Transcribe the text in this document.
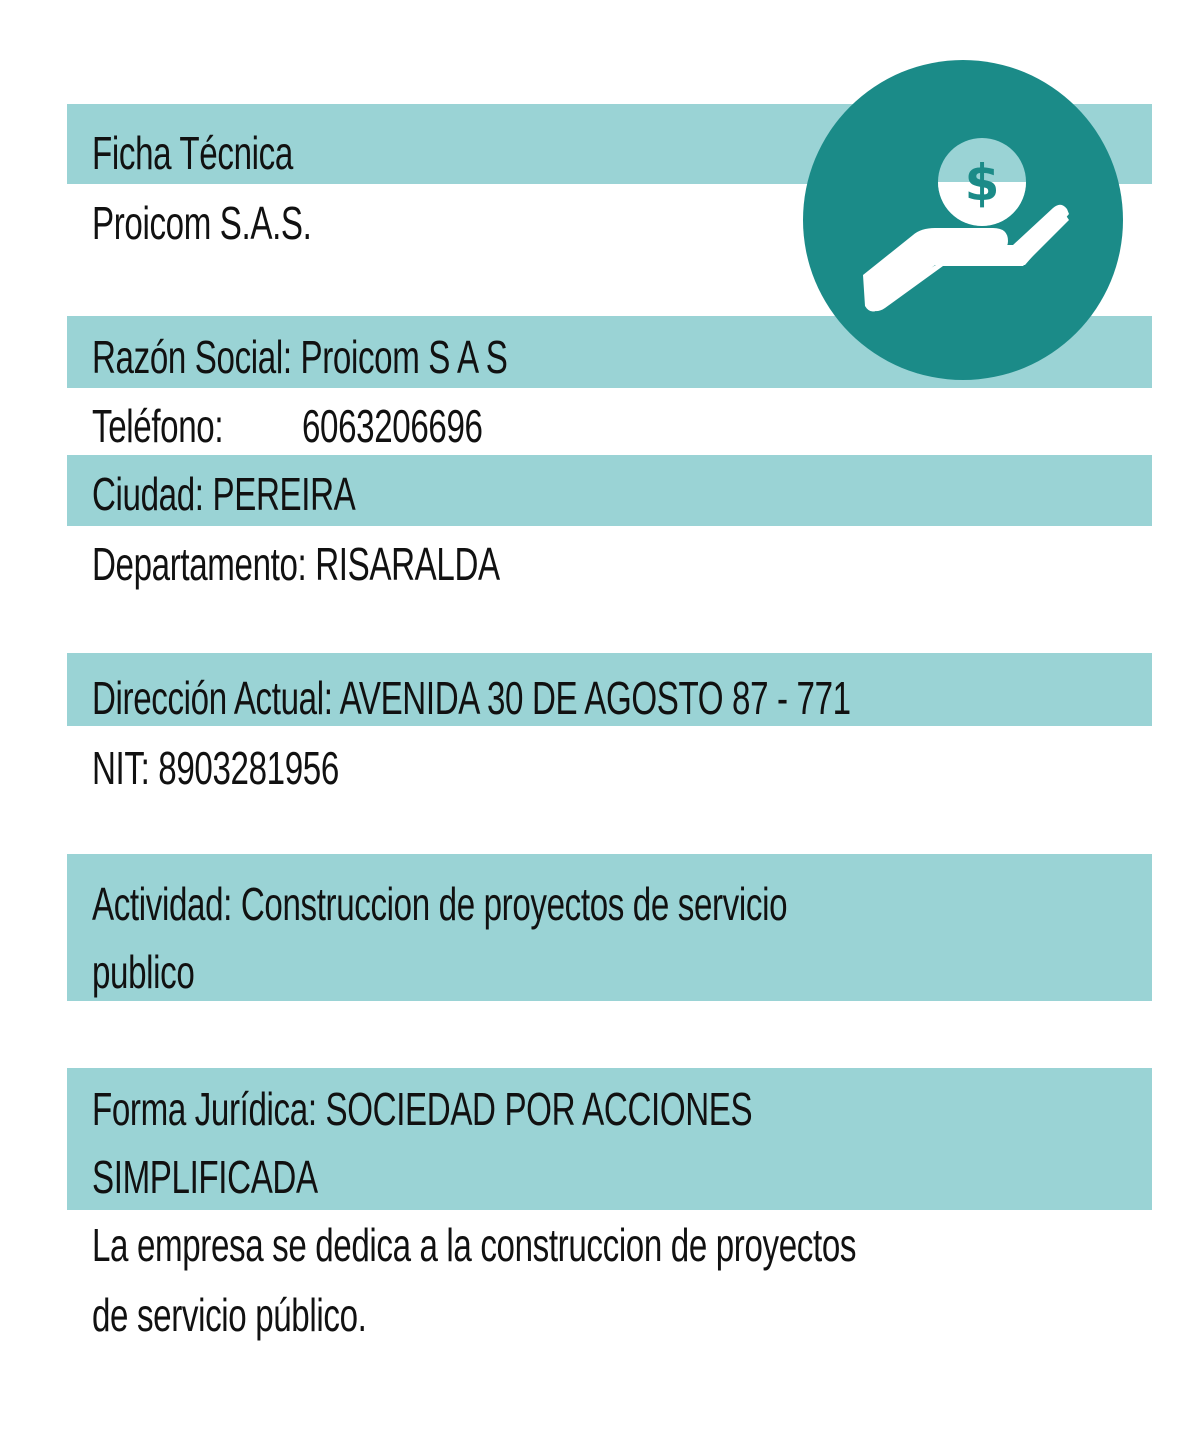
$
Ficha Técnica
Proicom S.A.S.
Razón Social: Proicom S A S
Teléfono: 6063206696
Ciudad: PEREIRA
Departamento: RISARALDA
Dirección Actual: AVENIDA 30 DE AGOSTO 87 - 771
NIT: 8903281956
Actividad: Construccion de proyectos de servicio
publico
Forma Jurídica: SOCIEDAD POR ACCIONES
SIMPLIFICADA
La empresa se dedica a la construccion de proyectos
de servicio público.
